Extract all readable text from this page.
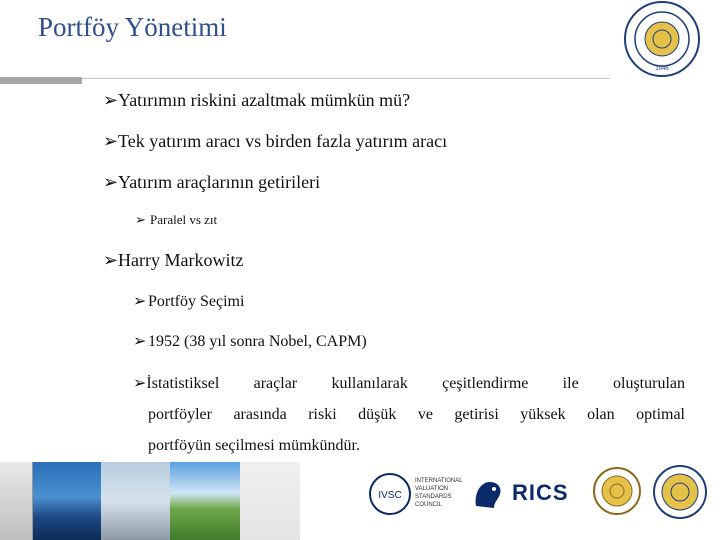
Portföy Yönetimi
1946
➢Yatırımın riskini azaltmak mümkün mü?
➢Tek yatırım aracı vs birden fazla yatırım aracı
➢Yatırım araçlarının getirileri
➢ Paralel vs zıt
➢Harry Markowitz
➢Portföy Seçimi
➢1952 (38 yıl sonra Nobel, CAPM)
➢İstatistiksel araçlar kullanılarak çeşitlendirme ile oluşturulan
portföyler arasında riski düşük ve getirisi yüksek olan optimal
portföyün seçilmesi mümkündür.
IVSC
INTERNATIONAL VALUATION STANDARDS COUNCIL	RICS
